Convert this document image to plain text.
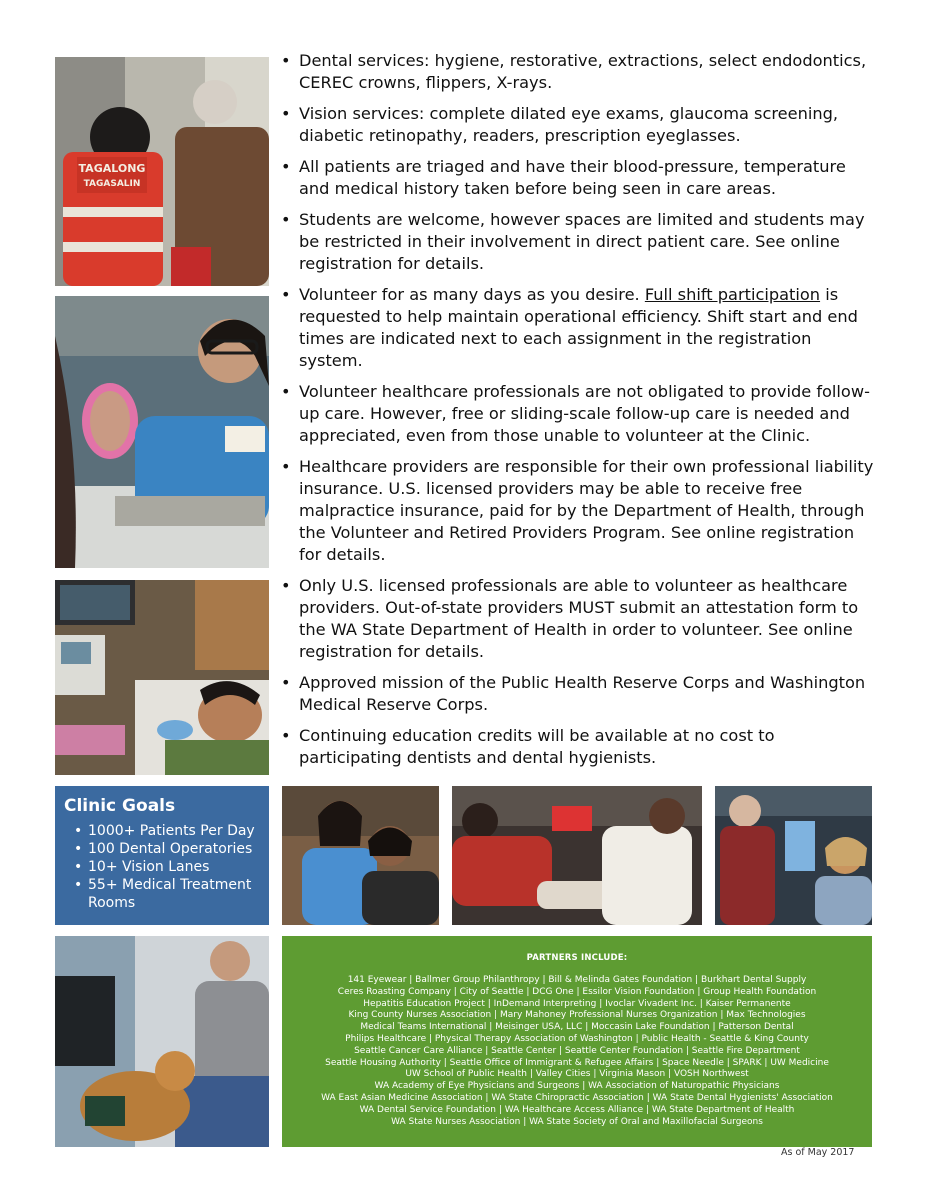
TAGALONG
TAGASALIN
• Dental services: hygiene, restorative, extractions, select endodontics, CEREC crowns, flippers, X-rays.
• Vision services: complete dilated eye exams, glaucoma screening, diabetic retinopathy, readers, prescription eyeglasses.
• All patients are triaged and have their blood-pressure, temperature and medical history taken before being seen in care areas.
• Students are welcome, however spaces are limited and students may be restricted in their involvement in direct patient care. See online registration for details.
• Volunteer for as many days as you desire. Full shift participation is requested to help maintain operational efficiency. Shift start and end times are indicated next to each assignment in the registration system.
• Volunteer healthcare professionals are not obligated to provide follow-up care. However, free or sliding-scale follow-up care is needed and appreciated, even from those unable to volunteer at the Clinic.
• Healthcare providers are responsible for their own professional liability insurance. U.S. licensed providers may be able to receive free malpractice insurance, paid for by the Department of Health, through the Volunteer and Retired Providers Program. See online registration for details.
• Only U.S. licensed professionals are able to volunteer as healthcare providers. Out-of-state providers MUST submit an attestation form to the WA State Department of Health in order to volunteer. See online registration for details.
• Approved mission of the Public Health Reserve Corps and Washington Medical Reserve Corps.
• Continuing education credits will be available at no cost to participating dentists and dental hygienists.
Clinic Goals
• 1000+ Patients Per Day
• 100 Dental Operatories
• 10+ Vision Lanes
• 55+ Medical Treatment Rooms
PARTNERS INCLUDE:
141 Eyewear | Ballmer Group Philanthropy | Bill & Melinda Gates Foundation | Burkhart Dental Supply
Ceres Roasting Company | City of Seattle | DCG One | Essilor Vision Foundation | Group Health Foundation
Hepatitis Education Project | InDemand Interpreting | Ivoclar Vivadent Inc. | Kaiser Permanente
King County Nurses Association | Mary Mahoney Professional Nurses Organization | Max Technologies
Medical Teams International | Meisinger USA, LLC | Moccasin Lake Foundation | Patterson Dental
Philips Healthcare | Physical Therapy Association of Washington | Public Health - Seattle & King County
Seattle Cancer Care Alliance | Seattle Center | Seattle Center Foundation | Seattle Fire Department
Seattle Housing Authority | Seattle Office of Immigrant & Refugee Affairs | Space Needle | SPARK | UW Medicine
UW School of Public Health | Valley Cities | Virginia Mason | VOSH Northwest
WA Academy of Eye Physicians and Surgeons | WA Association of Naturopathic Physicians
WA East Asian Medicine Association | WA State Chiropractic Association | WA State Dental Hygienists' Association
WA Dental Service Foundation | WA Healthcare Access Alliance | WA State Department of Health
WA State Nurses Association | WA State Society of Oral and Maxillofacial Surgeons
As of May 2017
